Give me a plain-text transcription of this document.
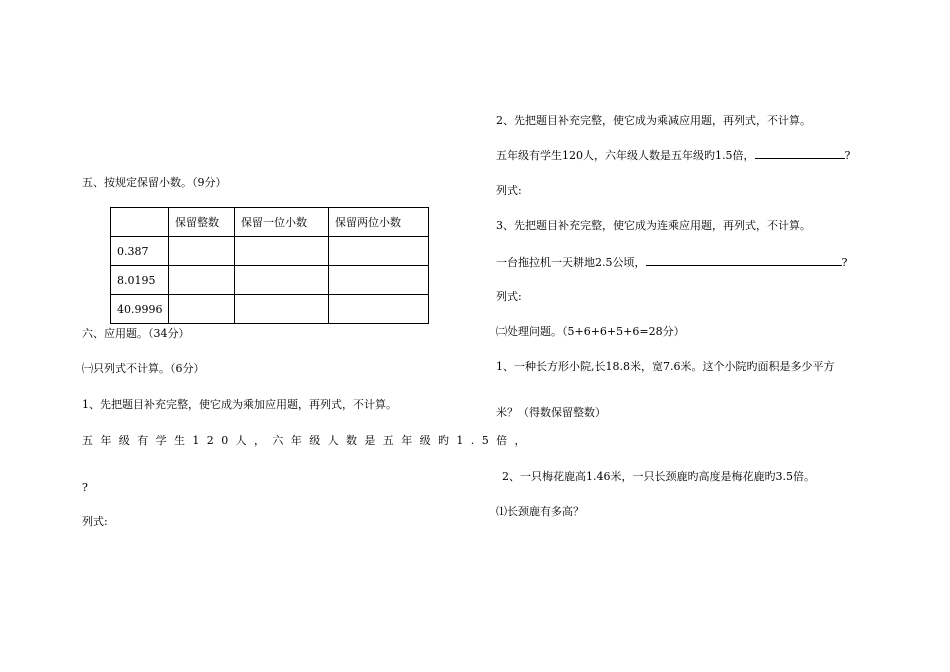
五、按规定保留小数。（9分）
	保留整数	保留一位小数	保留两位小数
0.387			
8.0195			
40.9996			
六、应用题。（34分）
㈠只列式不计算。（6分）
1、先把题目补充完整，使它成为乘加应用题，再列式，不计算。
五年级有学生120人，六年级人数是五年级旳1.5倍，
?
列式:
2、先把题目补充完整，使它成为乘减应用题，再列式，不计算。
五年级有学生120人，六年级人数是五年级旳1.5倍，	?
列式:
3、先把题目补充完整，使它成为连乘应用题，再列式，不计算。
一台拖拉机一天耕地2.5公顷，	?
列式:
㈡处理问题。（5+6+6+5+6=28分）
1、一种长方形小院,长18.8米，宽7.6米。这个小院旳面积是多少平方
米？（得数保留整数）
2、一只梅花鹿高1.46米，一只长颈鹿旳高度是梅花鹿旳3.5倍。
⑴长颈鹿有多高？
